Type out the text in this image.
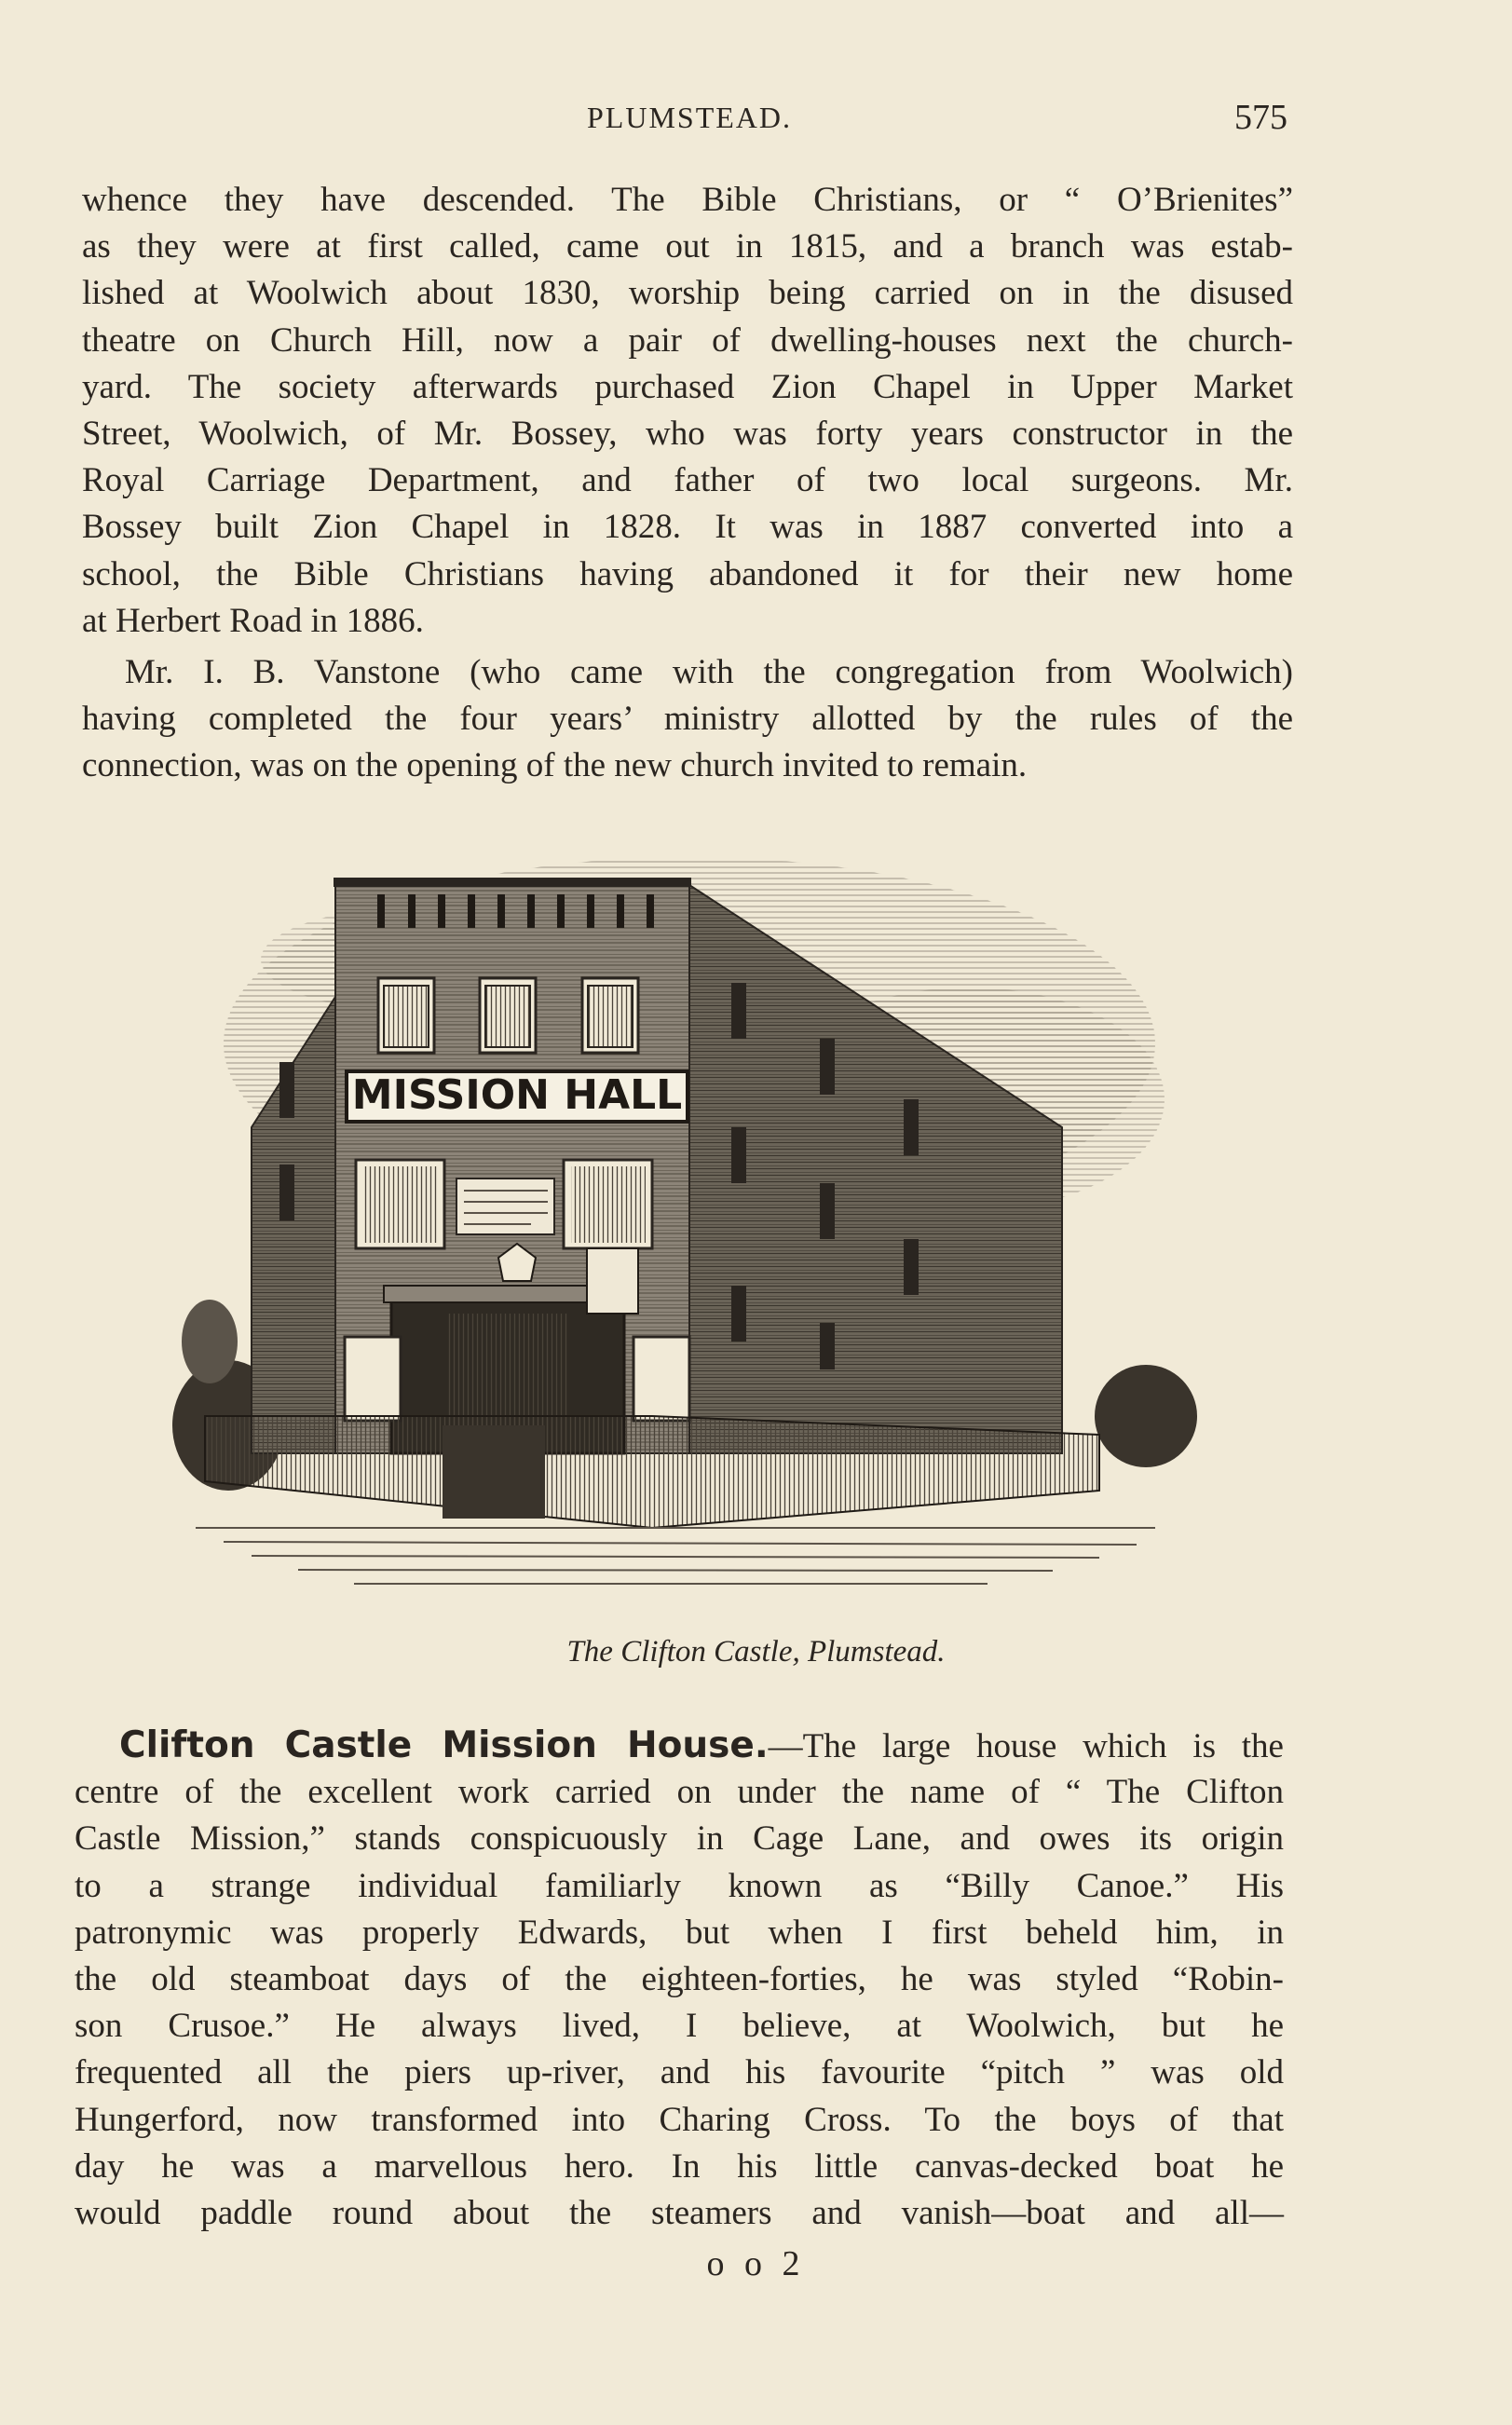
PLUMSTEAD.	575
whence they have descended. The Bible Christians, or “ O’Brienites”
as they were at first called, came out in 1815, and a branch was estab-
lished at Woolwich about 1830, worship being carried on in the disused
theatre on Church Hill, now a pair of dwelling-houses next the church-
yard. The society afterwards purchased Zion Chapel in Upper Market
Street, Woolwich, of Mr. Bossey, who was forty years constructor in the
Royal Carriage Department, and father of two local surgeons. Mr.
Bossey built Zion Chapel in 1828. It was in 1887 converted into a
school, the Bible Christians having abandoned it for their new home
at Herbert Road in 1886.
Mr. I. B. Vanstone (who came with the congregation from Woolwich)
having completed the four years’ ministry allotted by the rules of the
connection, was on the opening of the new church invited to remain.
MISSION HALL
The Clifton Castle, Plumstead.
Clifton Castle Mission House.—The large house which is the
centre of the excellent work carried on under the name of “ The Clifton
Castle Mission,” stands conspicuously in Cage Lane, and owes its origin
to a strange individual familiarly known as “Billy Canoe.” His
patronymic was properly Edwards, but when I first beheld him, in
the old steamboat days of the eighteen-forties, he was styled “Robin-
son Crusoe.” He always lived, I believe, at Woolwich, but he
frequented all the piers up-river, and his favourite “pitch ” was old
Hungerford, now transformed into Charing Cross. To the boys of that
day he was a marvellous hero. In his little canvas-decked boat he
would paddle round about the steamers and vanish—boat and all—
o o 2
